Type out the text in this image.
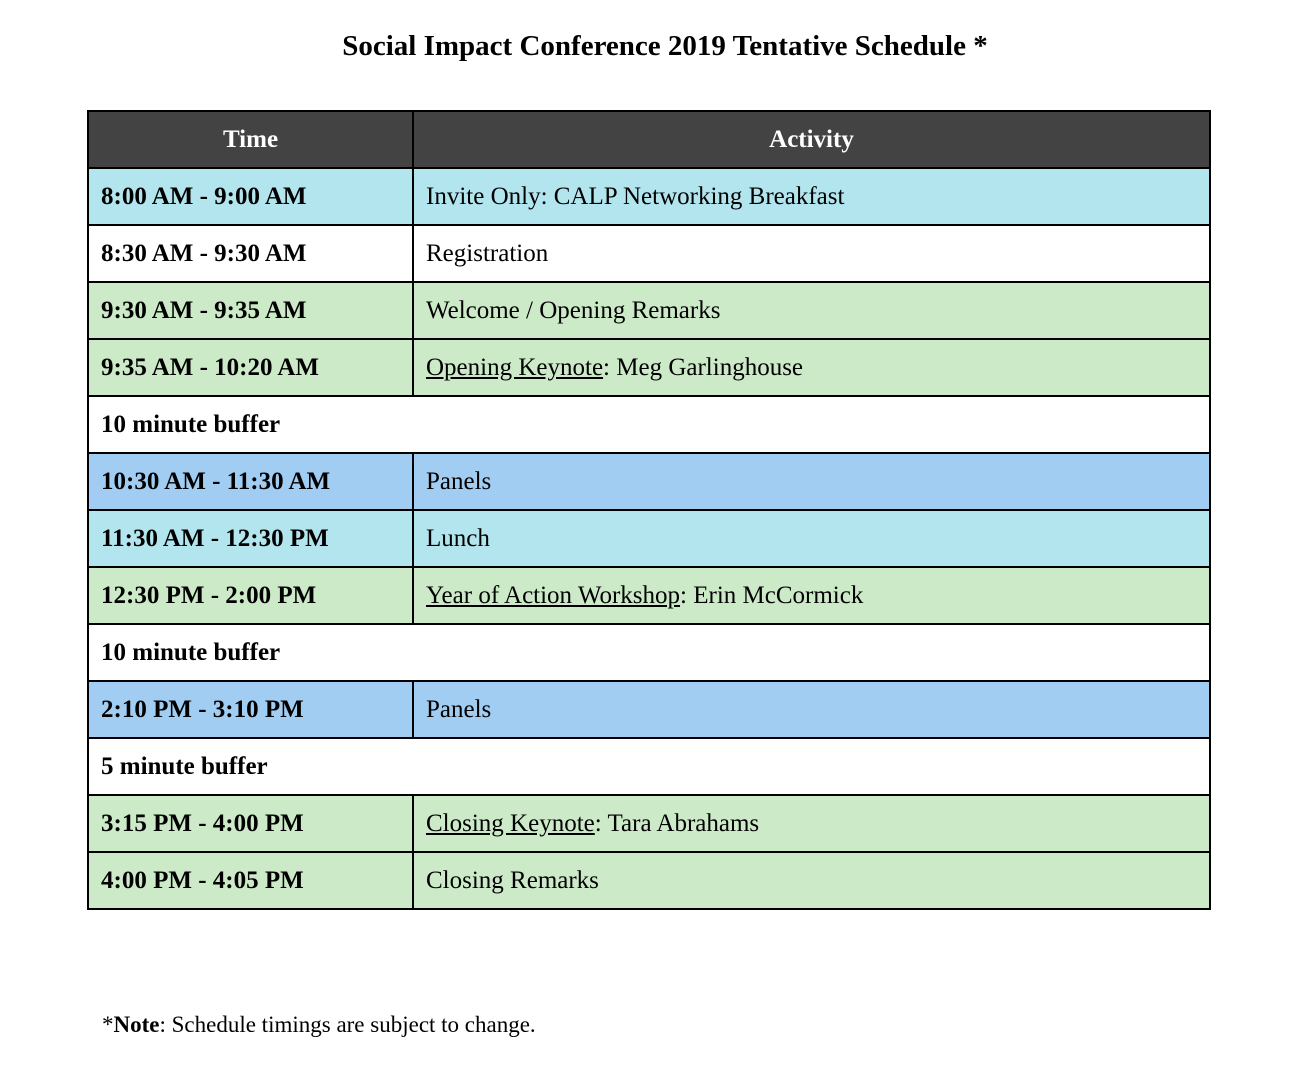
Social Impact Conference 2019 Tentative Schedule *
Time	Activity
8:00 AM - 9:00 AM	Invite Only: CALP Networking Breakfast
8:30 AM - 9:30 AM	Registration
9:30 AM - 9:35 AM	Welcome / Opening Remarks
9:35 AM - 10:20 AM	Opening Keynote: Meg Garlinghouse
10 minute buffer	
10:30 AM - 11:30 AM	Panels
11:30 AM - 12:30 PM	Lunch
12:30 PM - 2:00 PM	Year of Action Workshop: Erin McCormick
10 minute buffer	
2:10 PM - 3:10 PM	Panels
5 minute buffer	
3:15 PM - 4:00 PM	Closing Keynote: Tara Abrahams
4:00 PM - 4:05 PM	Closing Remarks
*Note: Schedule timings are subject to change.
